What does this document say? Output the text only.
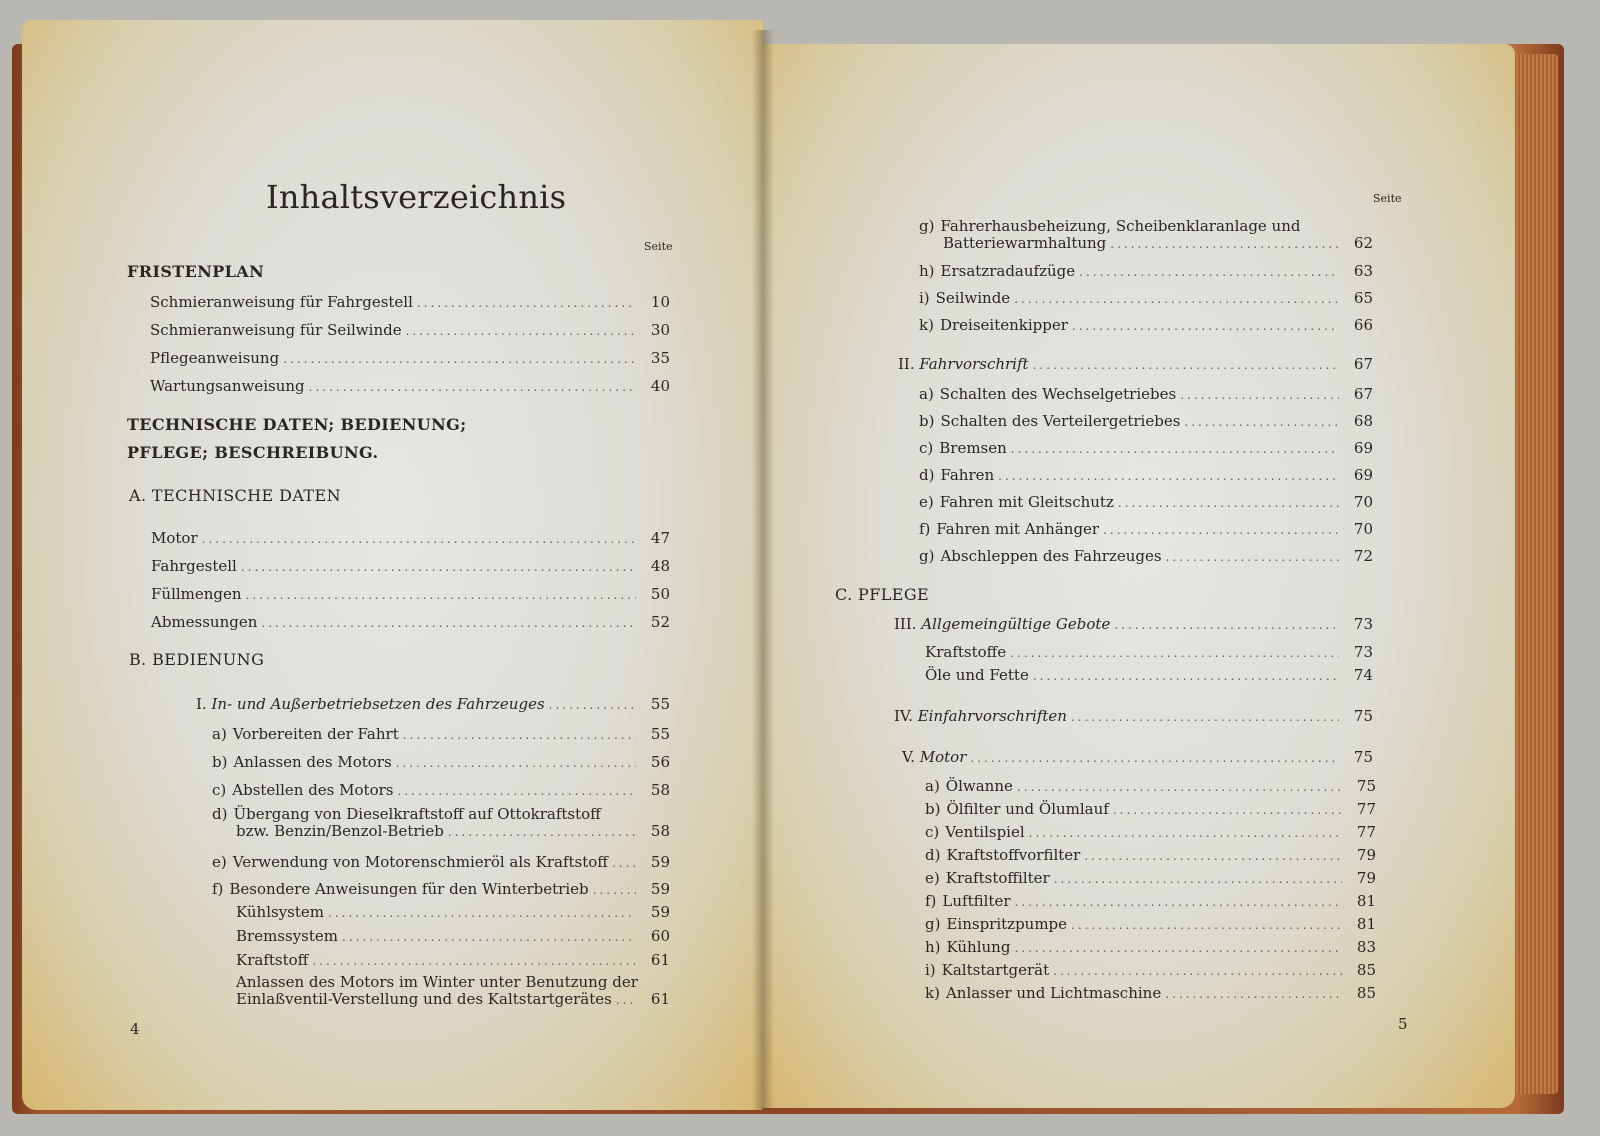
Inhaltsverzeichnis
Seite
FRISTENPLAN
Schmieranweisung für Fahrgestell .....	10
Schmieranweisung für Seilwinde .....	30
Pflegeanweisung .....	35
Wartungsanweisung .....	40
TECHNISCHE DATEN; BEDIENUNG;
PFLEGE; BESCHREIBUNG.
A. TECHNISCHE DATEN
Motor .....	47
Fahrgestell .....	48
Füllmengen .....	50
Abmessungen .....	52
B. BEDIENUNG
I. In- und Außerbetriebsetzen des Fahrzeuges .....	55
a) Vorbereiten der Fahrt .....	55
b) Anlassen des Motors .....	56
c) Abstellen des Motors .....	58
d) Übergang von Dieselkraftstoff auf Ottokraftstoff
bzw. Benzin/Benzol-Betrieb .....	58
e) Verwendung von Motorenschmieröl als Kraftstoff .....	59
f) Besondere Anweisungen für den Winterbetrieb .....	59
Kühlsystem .....	59
Bremssystem .....	60
Kraftstoff .....	61
Anlassen des Motors im Winter unter Benutzung der
Einlaßventil-Verstellung und des Kaltstartgerätes .....	61
4
Seite
g) Fahrerhausbeheizung, Scheibenklaranlage und
Batteriewarmhaltung .....	62
h) Ersatzradaufzüge .....	63
i) Seilwinde .....	65
k) Dreiseitenkipper .....	66
II. Fahrvorschrift .....	67
a) Schalten des Wechselgetriebes .....	67
b) Schalten des Verteilergetriebes .....	68
c) Bremsen .....	69
d) Fahren .....	69
e) Fahren mit Gleitschutz .....	70
f) Fahren mit Anhänger .....	70
g) Abschleppen des Fahrzeuges .....	72
C. PFLEGE
III. Allgemeingültige Gebote .....	73
Kraftstoffe .....	73
Öle und Fette .....	74
IV. Einfahrvorschriften .....	75
V. Motor .....	75
a) Ölwanne .....	75
b) Ölfilter und Ölumlauf .....	77
c) Ventilspiel .....	77
d) Kraftstoffvorfilter .....	79
e) Kraftstoffilter .....	79
f) Luftfilter .....	81
g) Einspritzpumpe .....	81
h) Kühlung .....	83
i) Kaltstartgerät .....	85
k) Anlasser und Lichtmaschine .....	85
5
